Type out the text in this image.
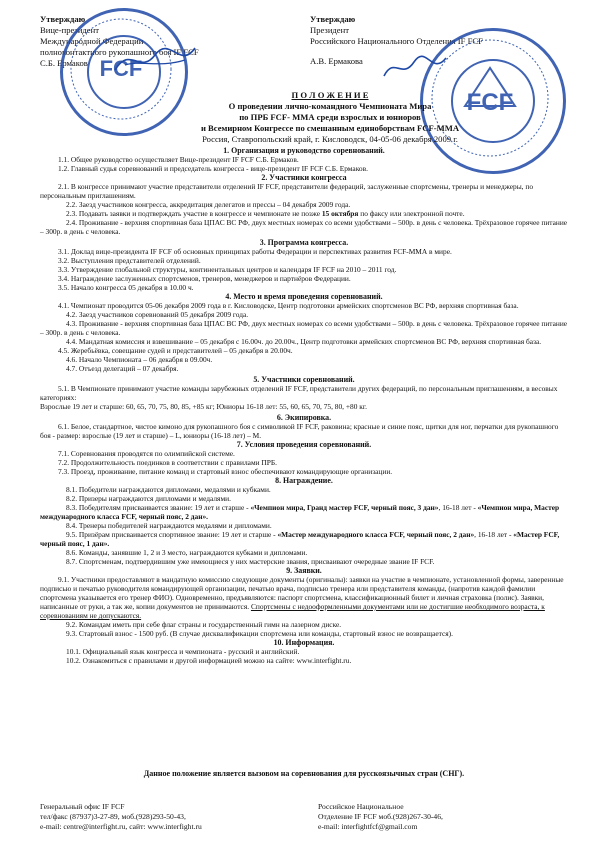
Утверждаю
Вице-президент
Международной Федерации
полноконтактного рукопашного боя IF FCF
С.Б. Ермаков
Утверждаю
Президент
Российского Национального Отделения IF FCF
А.В. Ермакова
FCF
FCF
П О Л О Ж Е Н И Е
О проведении лично-командного Чемпионата Мира
по ПРБ FCF- ММА среди взрослых и юниоров
и Всемирном Конгрессе по смешанным единоборствам FCF-ММА
Россия, Ставропольский край, г. Кисловодск, 04-05-06 декабря 2009 г.
1. Организация и руководство соревнований.
1.1. Общее руководство осуществляет Вице-президент IF FCF С.Б. Ермаков.
1.2. Главный судья соревнований и председатель конгресса - вице-президент IF FCF С.Б. Ермаков.
2. Участники конгресса
2.1. В конгрессе принимают участие представители отделений IF FCF, представители федераций, заслуженные спортсмены, тренеры и менеджеры, по персональным приглашениям.
2.2. Заезд участников конгресса, аккредитация делегатов и прессы – 04 декабря 2009 года.
2.3. Подавать заявки и подтверждать участие в конгрессе и чемпионате не позже 15 октября по факсу или электронной почте.
2.4. Проживание - верхняя спортивная база ЦПАС ВС РФ, двух местных номерах со всеми удобствами – 500р. в день с человека. Трёхразовое горячее питание – 300р. в день с человека.
3. Программа конгресса.
3.1. Доклад вице-президента IF FCF об основных принципах работы Федерации и перспективах развития FCF-ММА в мире.
3.2. Выступления представителей отделений.
3.3. Утверждение глобальной структуры, континентальных центров и календаря IF FCF на 2010 – 2011 год.
3.4. Награждение заслуженных спортсменов, тренеров, менеджеров и партнёров Федерации.
3.5. Начало конгресса 05 декабря в 10.00 ч.
4. Место и время проведения соревнований.
4.1. Чемпионат проводится 05-06 декабря 2009 года в г. Кисловодске, Центр подготовки армейских спортсменов ВС РФ, верхняя спортивная база.
4.2. Заезд участников соревнований 05 декабря 2009 года.
4.3. Проживание - верхняя спортивная база ЦПАС ВС РФ, двух местных номерах со всеми удобствами – 500р. в день с человека. Трёхразовое горячее питание – 300р. в день с человека.
4.4. Мандатная комиссия и взвешивание – 05 декабря с 16.00ч. до 20.00ч., Центр подготовки армейских спортсменов ВС РФ, верхняя спортивная база.
4.5. Жеребьёвка, совещание судей и представителей – 05 декабря в 20.00ч.
4.6. Начало Чемпионата – 06 декабря в 09.00ч.
4.7. Отъезд делегаций – 07 декабря.
5. Участники соревнований.
5.1. В Чемпионате принимают участие команды зарубежных отделений IF FCF, представители других федераций, по персональным приглашениям, в весовых категориях:
Взрослые 19 лет и старше: 60, 65, 70, 75, 80, 85, +85 кг; Юниоры 16-18 лет: 55, 60, 65, 70, 75, 80, +80 кг.
6. Экипировка.
6.1. Белое, стандартное, чистое кимоно для рукопашного боя с символикой IF FCF, раковина; красные и синие пояс, щитки для ног, перчатки для рукопашного боя - размер: взрослые (19 лет и старше) – L, юниоры (16-18 лет) – M.
7. Условия проведения соревнований.
7.1. Соревнования проводятся по олимпийской системе.
7.2. Продолжительность поединков в соответствии с правилами ПРБ.
7.3. Проезд, проживание, питание команд и стартовый взнос обеспечивают командирующие организации.
8. Награждение.
8.1. Победители награждаются дипломами, медалями и кубками.
8.2. Призеры награждаются дипломами и медалями.
8.3. Победителям присваивается звание: 19 лет и старше - «Чемпион мира, Гранд мастер FCF, черный пояс, 3 дан», 16-18 лет - «Чемпион мира, Мастер международного класса FCF, черный пояс, 2 дан».
8.4. Тренеры победителей награждаются медалями и дипломами.
9.5. Призёрам присваивается спортивное звание: 19 лет и старше - «Мастер международного класса FCF, черный пояс, 2 дан», 16-18 лет - «Мастер FCF, черный пояс, 1 дан».
8.6. Команды, занявшие 1, 2 и 3 место, награждаются кубками и дипломами.
8.7. Спортсменам, подтвердившим уже имеющиеся у них мастерские звания, присваивают очередные звание IF FCF.
9. Заявки.
9.1. Участники предоставляют в мандатную комиссию следующие документы (оригиналы): заявки на участие в чемпионате, установленной формы, заверенные подписью и печатью руководителя командирующей организации, печатью врача, подписью тренера или представителя команды, (напротив каждой фамилии спортсмена указывается его тренер ФИО). Одновременно, предъявляются: паспорт спортсмена, классификационный билет и личная страховка (полис). Заявки, написанные от руки, а так же, копии документов не принимаются. Спортсмены с недооформленными документами или не достигшие необходимого возраста, к соревнованиям не допускаются.
9.2. Командам иметь при себе флаг страны и государственный гимн на лазерном диске.
9.3. Стартовый взнос - 1500 руб. (В случае дисквалификации спортсмена или команды, стартовый взнос не возвращается).
10. Информация.
10.1. Официальный язык конгресса и чемпионата - русский и английский.
10.2. Ознакомиться с правилами и другой информацией можно на сайте: www.interfight.ru.
Данное положение является вызовом на соревнования для русскоязычных стран (СНГ).
Генеральный офис IF FCF
тел/факс (87937)3-27-89, моб.(928)293-50-43,
e-mail: centre@interfight.ru, сайт: www.interfight.ru
Российское Национальное
Отделение IF FCF моб.(928)267-30-46,
e-mail: interfightfcf@gmail.com
